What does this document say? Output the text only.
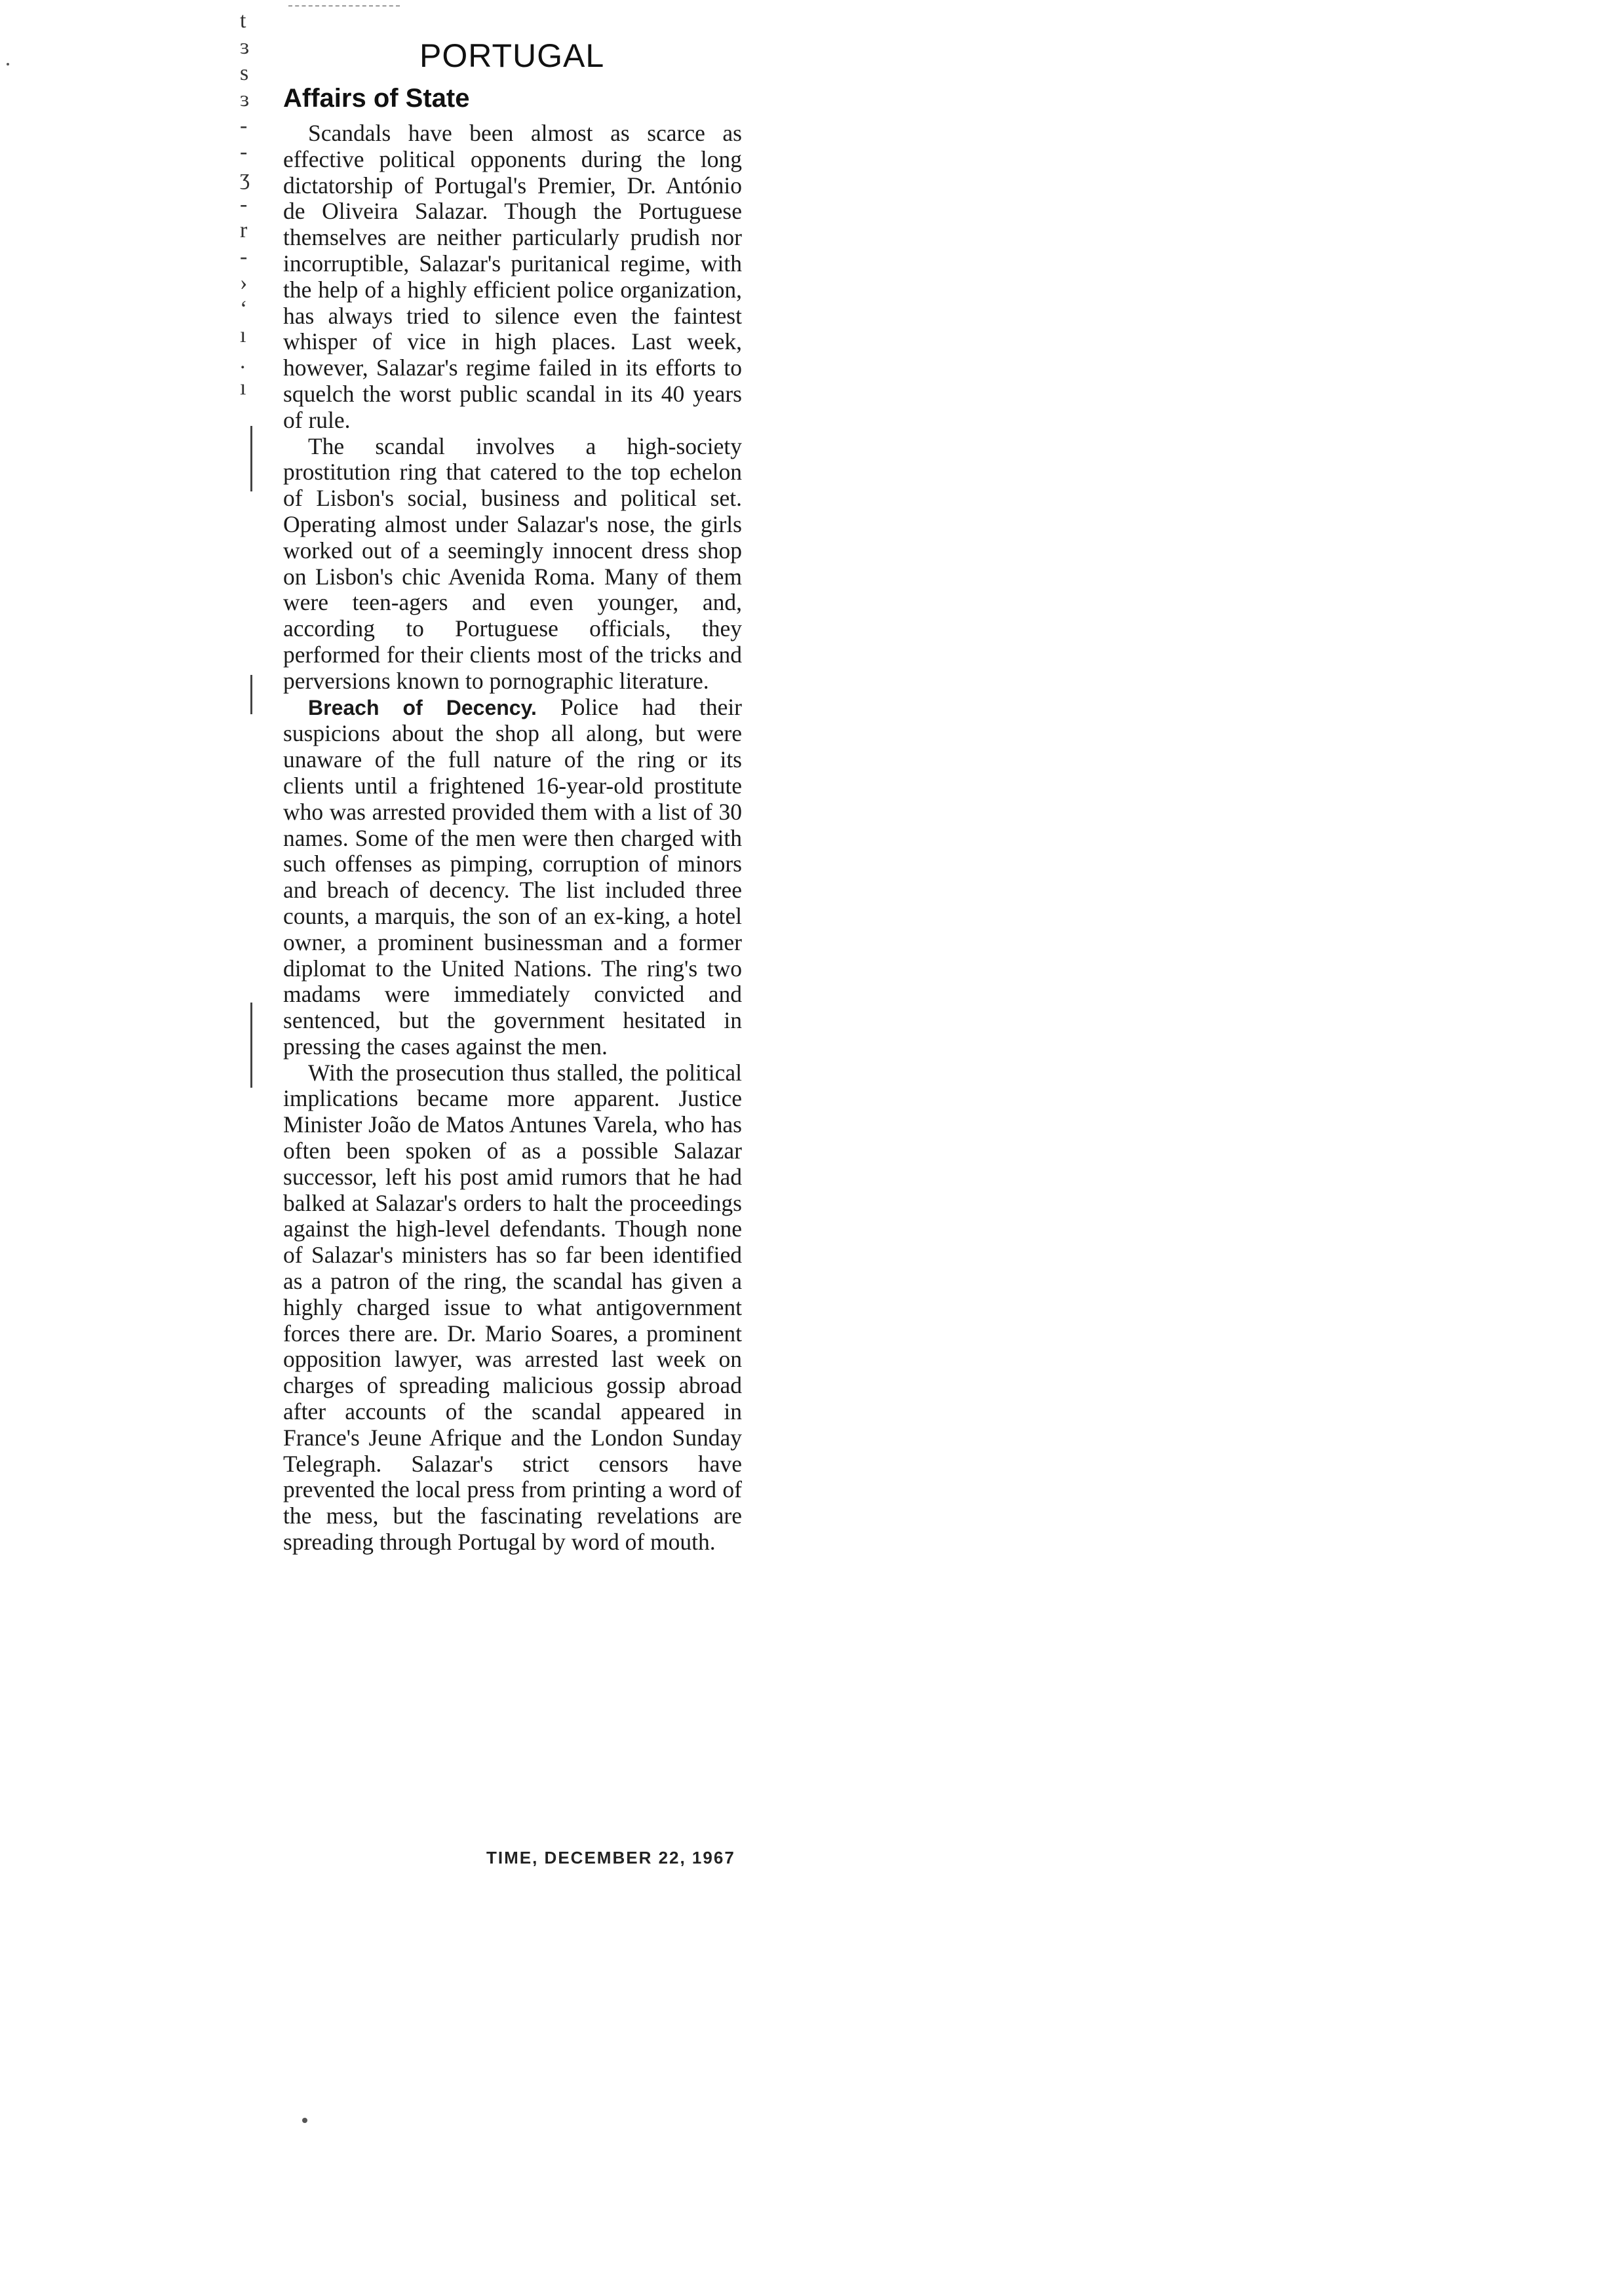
t
ɜ
s
ɜ
-
-
ʒ
-
r
-
›
ʻ
ı
.
ı
PORTUGAL
Affairs of State

Scandals have been almost as scarce as effective political opponents during the long dictatorship of Portugal's Premier, Dr. António de Oliveira Salazar. Though the Portuguese themselves are neither particularly prudish nor incorruptible, Salazar's puritanical regime, with the help of a highly efficient police organization, has always tried to silence even the faintest whisper of vice in high places. Last week, however, Salazar's regime failed in its efforts to squelch the worst public scandal in its 40 years of rule.

The scandal involves a high-society prostitution ring that catered to the top echelon of Lisbon's social, business and political set. Operating almost under Salazar's nose, the girls worked out of a seemingly innocent dress shop on Lisbon's chic Avenida Roma. Many of them were teen-agers and even younger, and, according to Portuguese officials, they performed for their clients most of the tricks and perversions known to pornographic literature.

Breach of Decency. Police had their suspicions about the shop all along, but were unaware of the full nature of the ring or its clients until a frightened 16-year-old prostitute who was arrested provided them with a list of 30 names. Some of the men were then charged with such offenses as pimping, corruption of minors and breach of decency. The list included three counts, a marquis, the son of an ex-king, a hotel owner, a prominent businessman and a former diplomat to the United Nations. The ring's two madams were immediately convicted and sentenced, but the government hesitated in pressing the cases against the men.

With the prosecution thus stalled, the political implications became more apparent. Justice Minister João de Matos Antunes Varela, who has often been spoken of as a possible Salazar successor, left his post amid rumors that he had balked at Salazar's orders to halt the proceedings against the high-level defendants. Though none of Salazar's ministers has so far been identified as a patron of the ring, the scandal has given a highly charged issue to what antigovernment forces there are. Dr. Mario Soares, a prominent opposition lawyer, was arrested last week on charges of spreading malicious gossip abroad after accounts of the scandal appeared in France's Jeune Afrique and the London Sunday Telegraph. Salazar's strict censors have prevented the local press from printing a word of the mess, but the fascinating revelations are spreading through Portugal by word of mouth.

TIME, DECEMBER 22, 1967
